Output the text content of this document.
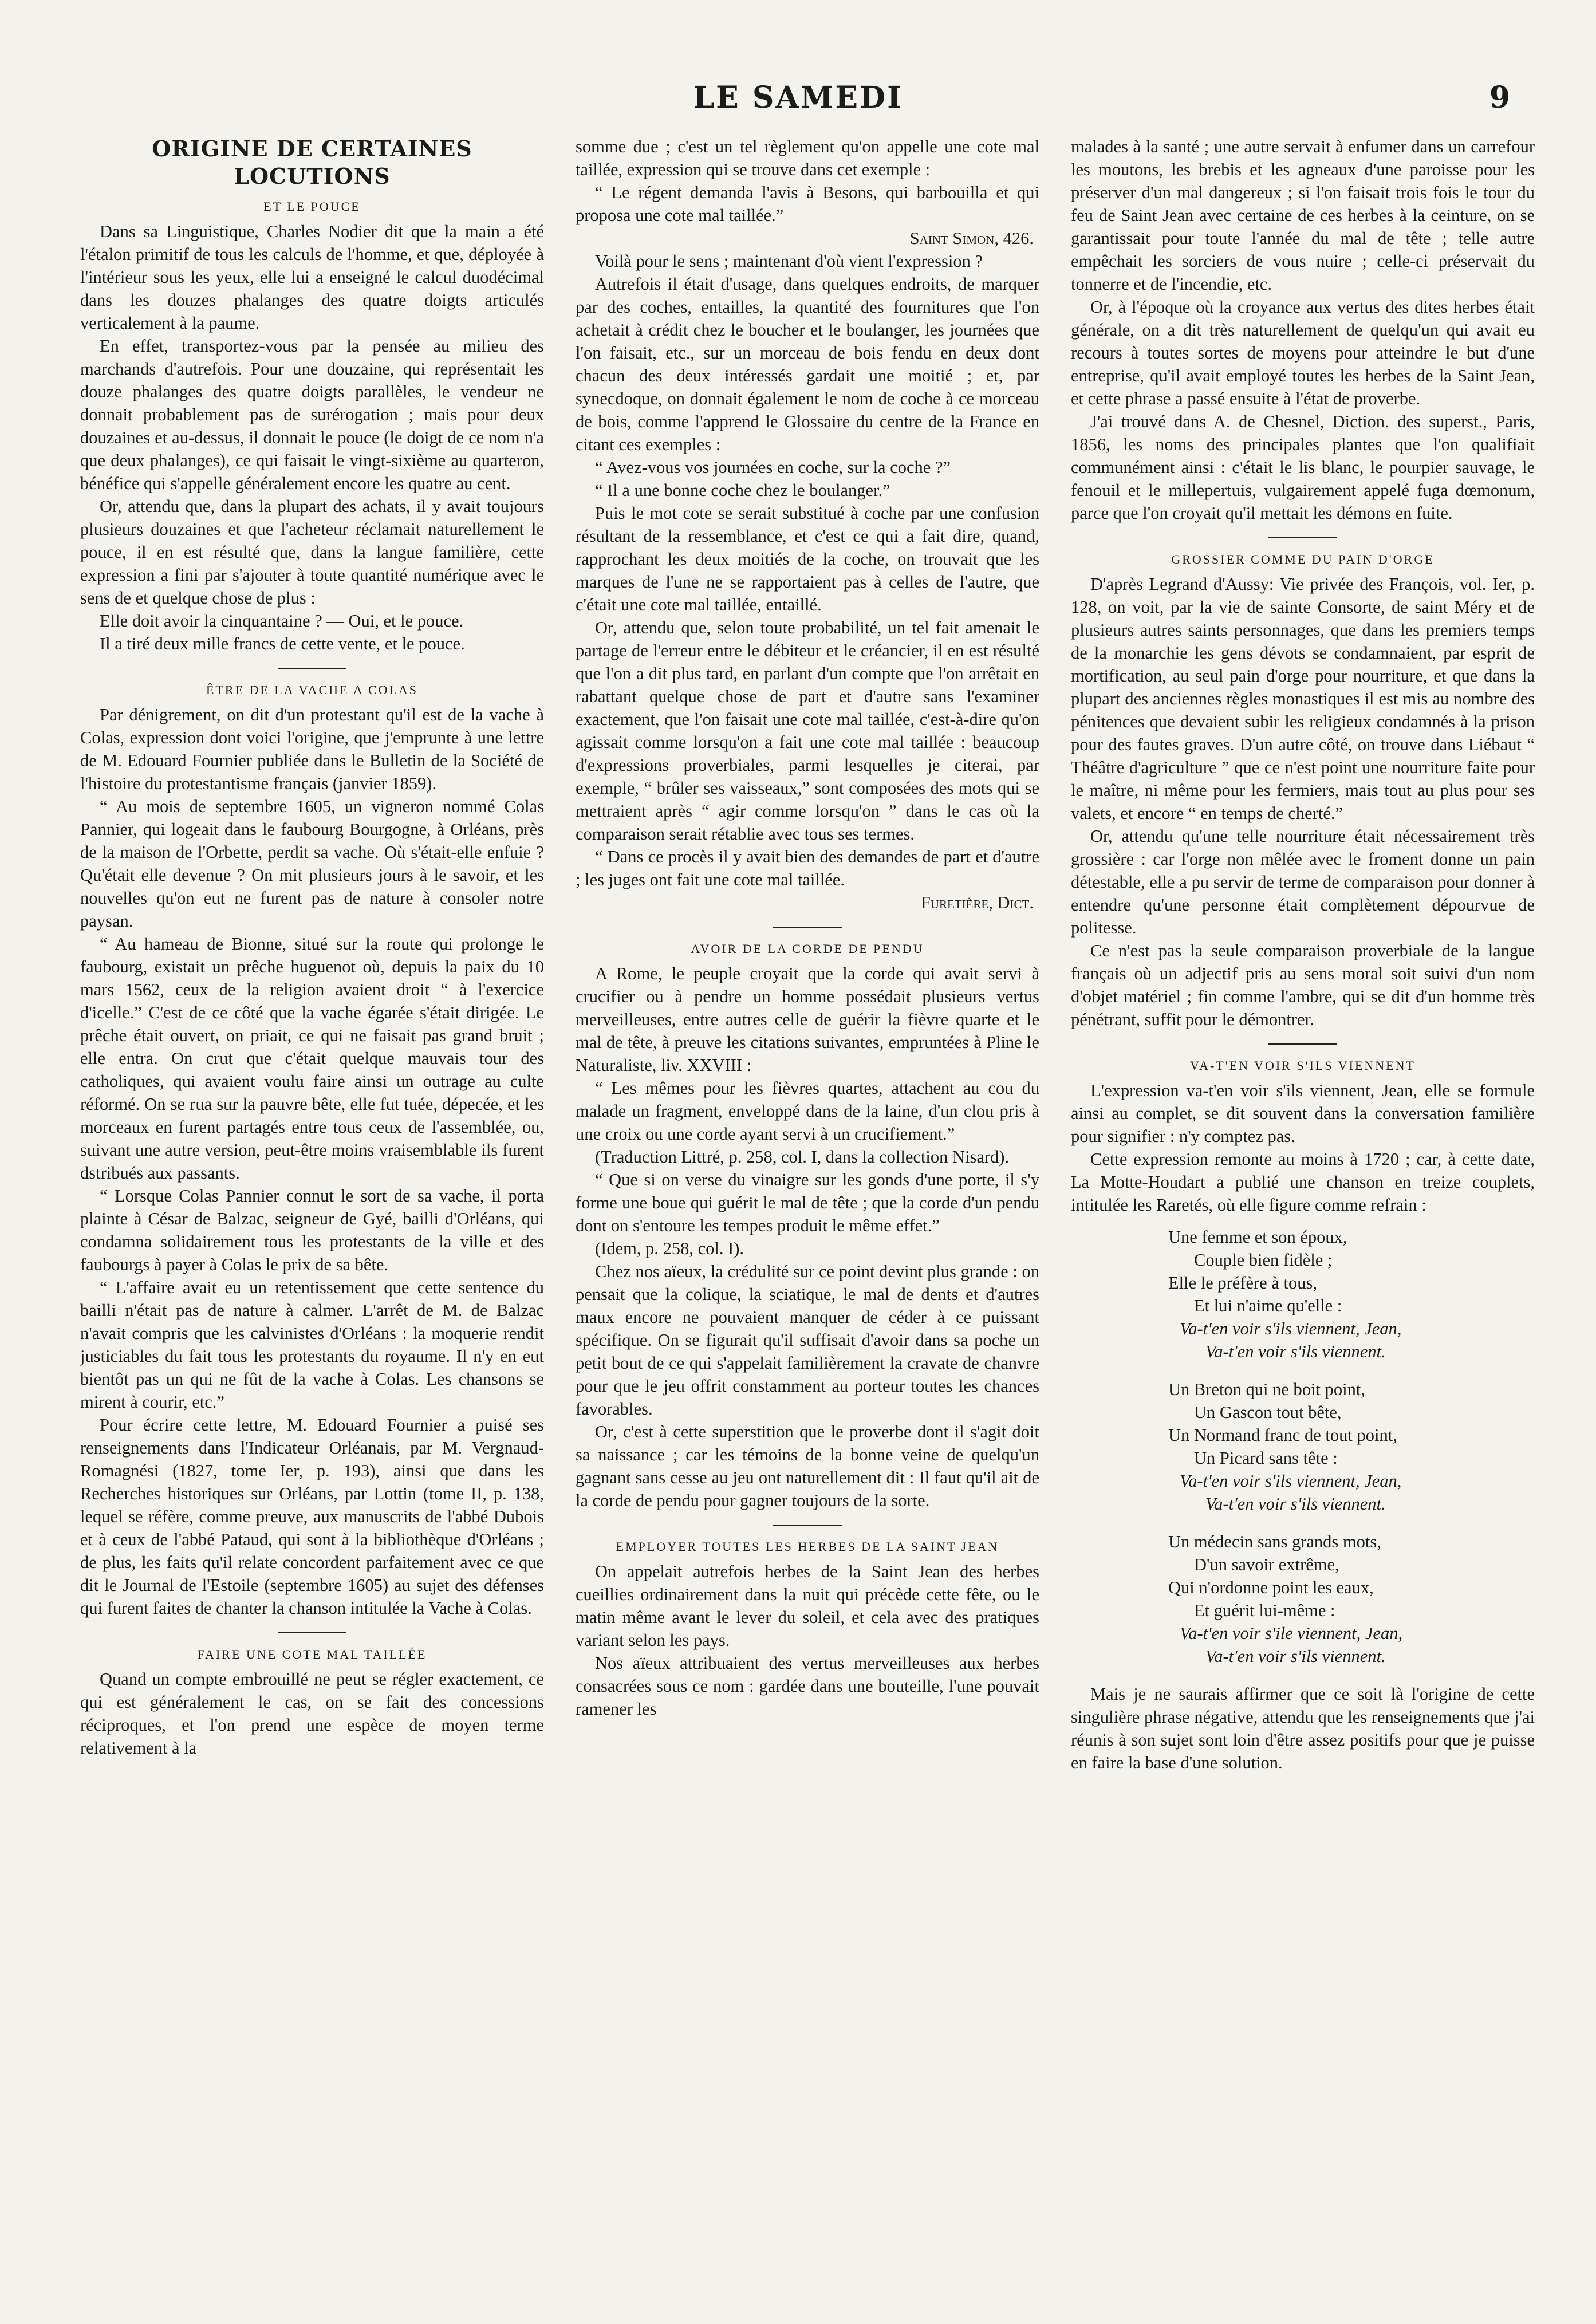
LE SAMEDI	9
ORIGINE DE CERTAINES LOCUTIONS
ET LE POUCE

Dans sa Linguistique, Charles Nodier dit que la main a été l'étalon primitif de tous les calculs de l'homme, et que, déployée à l'intérieur sous les yeux, elle lui a enseigné le calcul duodécimal dans les douzes phalanges des quatre doigts articulés verticalement à la paume.

En effet, transportez-vous par la pensée au milieu des marchands d'autrefois. Pour une douzaine, qui représentait les douze phalanges des quatre doigts parallèles, le vendeur ne donnait probablement pas de surérogation ; mais pour deux douzaines et au-dessus, il donnait le pouce (le doigt de ce nom n'a que deux phalanges), ce qui faisait le vingt-sixième au quarteron, bénéfice qui s'appelle généralement encore les quatre au cent.

Or, attendu que, dans la plupart des achats, il y avait toujours plusieurs douzaines et que l'acheteur réclamait naturellement le pouce, il en est résulté que, dans la langue familière, cette expression a fini par s'ajouter à toute quantité numérique avec le sens de et quelque chose de plus :

Elle doit avoir la cinquantaine ? — Oui, et le pouce.

Il a tiré deux mille francs de cette vente, et le pouce.

ÊTRE DE LA VACHE A COLAS

Par dénigrement, on dit d'un protestant qu'il est de la vache à Colas, expression dont voici l'origine, que j'emprunte à une lettre de M. Edouard Fournier publiée dans le Bulletin de la Société de l'histoire du protestantisme français (janvier 1859).

“ Au mois de septembre 1605, un vigneron nommé Colas Pannier, qui logeait dans le faubourg Bourgogne, à Orléans, près de la maison de l'Orbette, perdit sa vache. Où s'était-elle enfuie ? Qu'était elle devenue ? On mit plusieurs jours à le savoir, et les nouvelles qu'on eut ne furent pas de nature à consoler notre paysan.

“ Au hameau de Bionne, situé sur la route qui prolonge le faubourg, existait un prêche huguenot où, depuis la paix du 10 mars 1562, ceux de la religion avaient droit “ à l'exercice d'icelle.” C'est de ce côté que la vache égarée s'était dirigée. Le prêche était ouvert, on priait, ce qui ne faisait pas grand bruit ; elle entra. On crut que c'était quelque mauvais tour des catholiques, qui avaient voulu faire ainsi un outrage au culte réformé. On se rua sur la pauvre bête, elle fut tuée, dépecée, et les morceaux en furent partagés entre tous ceux de l'assemblée, ou, suivant une autre version, peut-être moins vraisemblable ils furent dstribués aux passants.

“ Lorsque Colas Pannier connut le sort de sa vache, il porta plainte à César de Balzac, seigneur de Gyé, bailli d'Orléans, qui condamna solidairement tous les protestants de la ville et des faubourgs à payer à Colas le prix de sa bête.

“ L'affaire avait eu un retentissement que cette sentence du bailli n'était pas de nature à calmer. L'arrêt de M. de Balzac n'avait compris que les calvinistes d'Orléans : la moquerie rendit justiciables du fait tous les protestants du royaume. Il n'y en eut bientôt pas un qui ne fût de la vache à Colas. Les chansons se mirent à courir, etc.”

Pour écrire cette lettre, M. Edouard Fournier a puisé ses renseignements dans l'Indicateur Orléanais, par M. Vergnaud-Romagnési (1827, tome Ier, p. 193), ainsi que dans les Recherches historiques sur Orléans, par Lottin (tome II, p. 138, lequel se réfère, comme preuve, aux manuscrits de l'abbé Dubois et à ceux de l'abbé Pataud, qui sont à la bibliothèque d'Orléans ; de plus, les faits qu'il relate concordent parfaitement avec ce que dit le Journal de l'Estoile (septembre 1605) au sujet des défenses qui furent faites de chanter la chanson intitulée la Vache à Colas.

FAIRE UNE COTE MAL TAILLÉE

Quand un compte embrouillé ne peut se régler exactement, ce qui est généralement le cas, on se fait des concessions réciproques, et l'on prend une espèce de moyen terme relativement à la

somme due ; c'est un tel règlement qu'on appelle une cote mal taillée, expression qui se trouve dans cet exemple :

“ Le régent demanda l'avis à Besons, qui barbouilla et qui proposa une cote mal taillée.”

Saint Simon, 426.

Voilà pour le sens ; maintenant d'où vient l'expression ?

Autrefois il était d'usage, dans quelques endroits, de marquer par des coches, entailles, la quantité des fournitures que l'on achetait à crédit chez le boucher et le boulanger, les journées que l'on faisait, etc., sur un morceau de bois fendu en deux dont chacun des deux intéressés gardait une moitié ; et, par synecdoque, on donnait également le nom de coche à ce morceau de bois, comme l'apprend le Glossaire du centre de la France en citant ces exemples :

“ Avez-vous vos journées en coche, sur la coche ?”

“ Il a une bonne coche chez le boulanger.”

Puis le mot cote se serait substitué à coche par une confusion résultant de la ressemblance, et c'est ce qui a fait dire, quand, rapprochant les deux moitiés de la coche, on trouvait que les marques de l'une ne se rapportaient pas à celles de l'autre, que c'était une cote mal taillée, entaillé.

Or, attendu que, selon toute probabilité, un tel fait amenait le partage de l'erreur entre le débiteur et le créancier, il en est résulté que l'on a dit plus tard, en parlant d'un compte que l'on arrêtait en rabattant quelque chose de part et d'autre sans l'examiner exactement, que l'on faisait une cote mal taillée, c'est-à-dire qu'on agissait comme lorsqu'on a fait une cote mal taillée : beaucoup d'expressions proverbiales, parmi lesquelles je citerai, par exemple, “ brûler ses vaisseaux,” sont composées des mots qui se mettraient après “ agir comme lorsqu'on ” dans le cas où la comparaison serait rétablie avec tous ses termes.

“ Dans ce procès il y avait bien des demandes de part et d'autre ; les juges ont fait une cote mal taillée.

Furetière, Dict.
AVOIR DE LA CORDE DE PENDU

A Rome, le peuple croyait que la corde qui avait servi à crucifier ou à pendre un homme possédait plusieurs vertus merveilleuses, entre autres celle de guérir la fièvre quarte et le mal de tête, à preuve les citations suivantes, empruntées à Pline le Naturaliste, liv. XXVIII :

“ Les mêmes pour les fièvres quartes, attachent au cou du malade un fragment, enveloppé dans de la laine, d'un clou pris à une croix ou une corde ayant servi à un crucifiement.”

(Traduction Littré, p. 258, col. I, dans la collection Nisard).

“ Que si on verse du vinaigre sur les gonds d'une porte, il s'y forme une boue qui guérit le mal de tête ; que la corde d'un pendu dont on s'entoure les tempes produit le même effet.”

(Idem, p. 258, col. I).

Chez nos aïeux, la crédulité sur ce point devint plus grande : on pensait que la colique, la sciatique, le mal de dents et d'autres maux encore ne pouvaient manquer de céder à ce puissant spécifique. On se figurait qu'il suffisait d'avoir dans sa poche un petit bout de ce qui s'appelait familièrement la cravate de chanvre pour que le jeu offrit constamment au porteur toutes les chances favorables.

Or, c'est à cette superstition que le proverbe dont il s'agit doit sa naissance ; car les témoins de la bonne veine de quelqu'un gagnant sans cesse au jeu ont naturellement dit : Il faut qu'il ait de la corde de pendu pour gagner toujours de la sorte.

EMPLOYER TOUTES LES HERBES DE LA SAINT JEAN

On appelait autrefois herbes de la Saint Jean des herbes cueillies ordinairement dans la nuit qui précède cette fête, ou le matin même avant le lever du soleil, et cela avec des pratiques variant selon les pays.

Nos aïeux attribuaient des vertus merveilleuses aux herbes consacrées sous ce nom : gardée dans une bouteille, l'une pouvait ramener les

malades à la santé ; une autre servait à enfumer dans un carrefour les moutons, les brebis et les agneaux d'une paroisse pour les préserver d'un mal dangereux ; si l'on faisait trois fois le tour du feu de Saint Jean avec certaine de ces herbes à la ceinture, on se garantissait pour toute l'année du mal de tête ; telle autre empêchait les sorciers de vous nuire ; celle-ci préservait du tonnerre et de l'incendie, etc.

Or, à l'époque où la croyance aux vertus des dites herbes était générale, on a dit très naturellement de quelqu'un qui avait eu recours à toutes sortes de moyens pour atteindre le but d'une entreprise, qu'il avait employé toutes les herbes de la Saint Jean, et cette phrase a passé ensuite à l'état de proverbe.

J'ai trouvé dans A. de Chesnel, Diction. des superst., Paris, 1856, les noms des principales plantes que l'on qualifiait communément ainsi : c'était le lis blanc, le pourpier sauvage, le fenouil et le millepertuis, vulgairement appelé fuga dœmonum, parce que l'on croyait qu'il mettait les démons en fuite.

GROSSIER COMME DU PAIN D'ORGE

D'après Legrand d'Aussy: Vie privée des François, vol. Ier, p. 128, on voit, par la vie de sainte Consorte, de saint Méry et de plusieurs autres saints personnages, que dans les premiers temps de la monarchie les gens dévots se condamnaient, par esprit de mortification, au seul pain d'orge pour nourriture, et que dans la plupart des anciennes règles monastiques il est mis au nombre des pénitences que devaient subir les religieux condamnés à la prison pour des fautes graves. D'un autre côté, on trouve dans Liébaut “ Théâtre d'agriculture ” que ce n'est point une nourriture faite pour le maître, ni même pour les fermiers, mais tout au plus pour ses valets, et encore “ en temps de cherté.”

Or, attendu qu'une telle nourriture était nécessairement très grossière : car l'orge non mêlée avec le froment donne un pain détestable, elle a pu servir de terme de comparaison pour donner à entendre qu'une personne était complètement dépourvue de politesse.

Ce n'est pas la seule comparaison proverbiale de la langue français où un adjectif pris au sens moral soit suivi d'un nom d'objet matériel ; fin comme l'ambre, qui se dit d'un homme très pénétrant, suffit pour le démontrer.

VA-T'EN VOIR S'ILS VIENNENT

L'expression va-t'en voir s'ils viennent, Jean, elle se formule ainsi au complet, se dit souvent dans la conversation familière pour signifier : n'y comptez pas.

Cette expression remonte au moins à 1720 ; car, à cette date, La Motte-Houdart a publié une chanson en treize couplets, intitulée les Raretés, où elle figure comme refrain :

Une femme et son époux,
Couple bien fidèle ;
Elle le préfère à tous,
Et lui n'aime qu'elle :
Va-t'en voir s'ils viennent, Jean,
Va-t'en voir s'ils viennent.
Un Breton qui ne boit point,
Un Gascon tout bête,
Un Normand franc de tout point,
Un Picard sans tête :
Va-t'en voir s'ils viennent, Jean,
Va-t'en voir s'ils viennent.
Un médecin sans grands mots,
D'un savoir extrême,
Qui n'ordonne point les eaux,
Et guérit lui-même :
Va-t'en voir s'ile viennent, Jean,
Va-t'en voir s'ils viennent.

Mais je ne saurais affirmer que ce soit là l'origine de cette singulière phrase négative, attendu que les renseignements que j'ai réunis à son sujet sont loin d'être assez positifs pour que je puisse en faire la base d'une solution.
